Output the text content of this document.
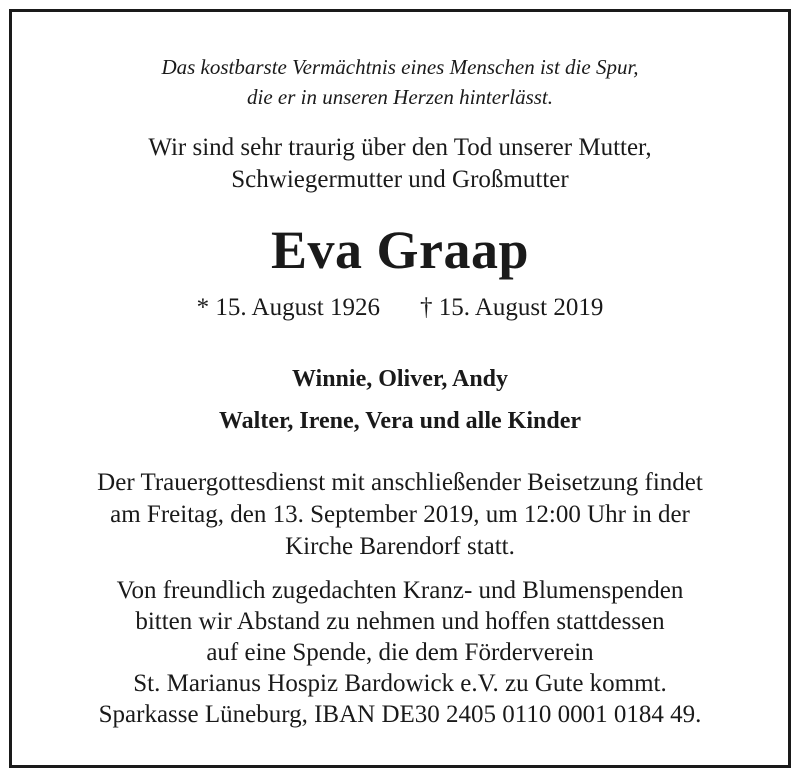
Das kostbarste Vermächtnis eines Menschen ist die Spur,
die er in unseren Herzen hinterlässt.
Wir sind sehr traurig über den Tod unserer Mutter,
Schwiegermutter und Großmutter
Eva Graap
* 15. August 1926 † 15. August 2019
Winnie, Oliver, Andy
Walter, Irene, Vera und alle Kinder
Der Trauergottesdienst mit anschließender Beisetzung findet
am Freitag, den 13. September 2019, um 12:00 Uhr in der
Kirche Barendorf statt.
Von freundlich zugedachten Kranz- und Blumenspenden
bitten wir Abstand zu nehmen und hoffen stattdessen
auf eine Spende, die dem Förderverein
St. Marianus Hospiz Bardowick e.V. zu Gute kommt.
Sparkasse Lüneburg, IBAN DE30 2405 0110 0001 0184 49.
